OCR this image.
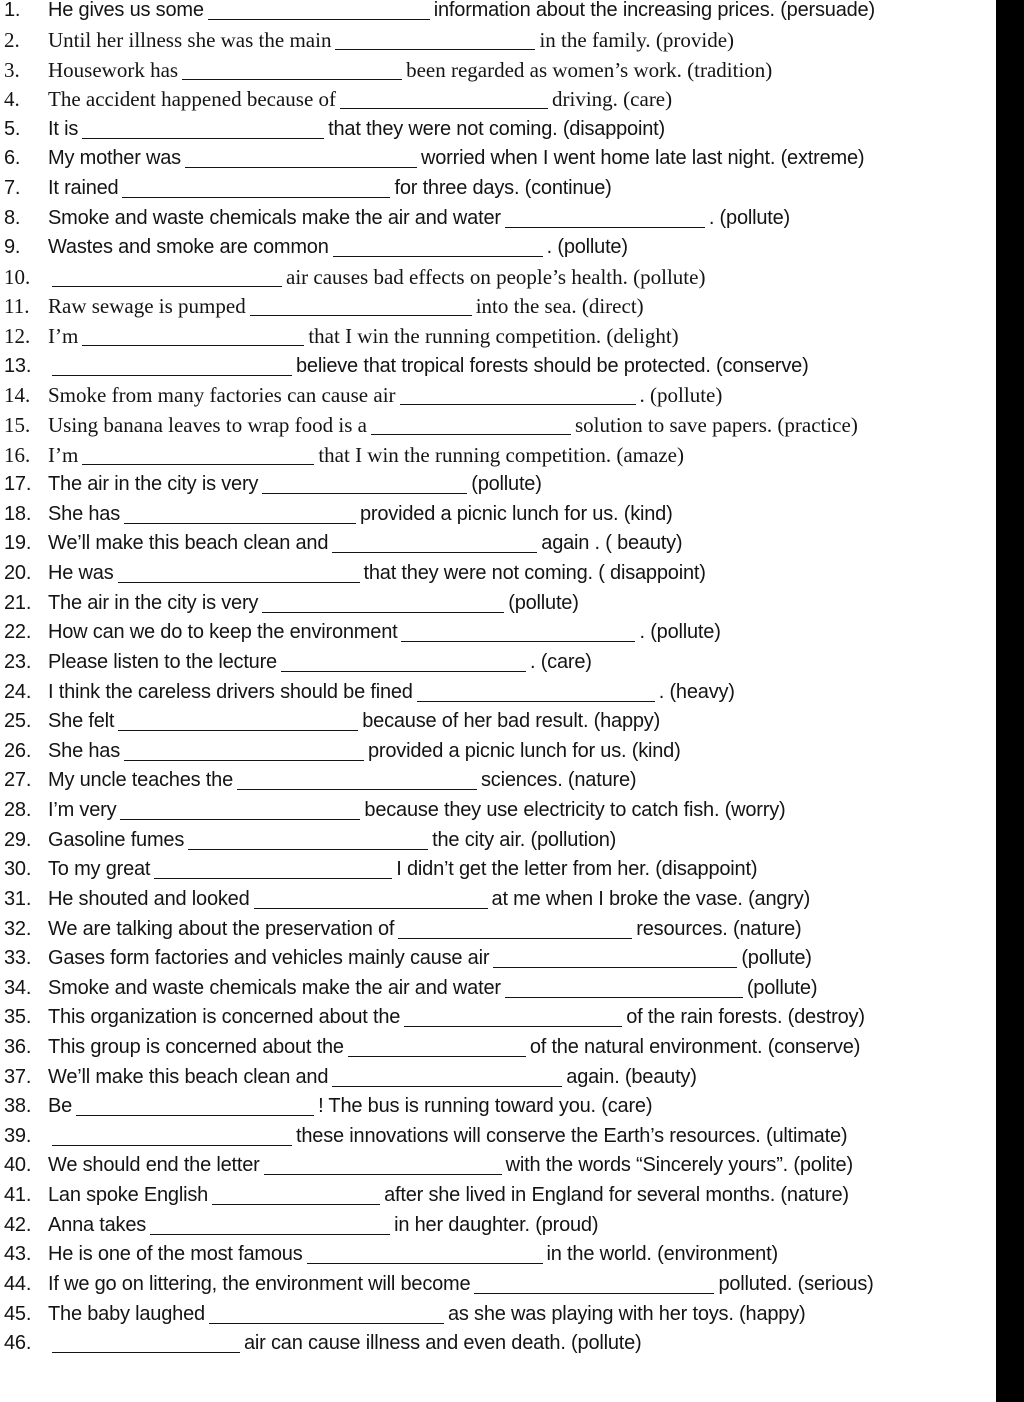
1.	He gives us some	information about the increasing prices. (persuade)
2.	Until her illness she was the main	in the family. (provide)
3.	Housework has	been regarded as women’s work. (tradition)
4.	The accident happened because of	driving. (care)
5.	It is	that they were not coming. (disappoint)
6.	My mother was	worried when I went home late last night. (extreme)
7.	It rained	for three days. (continue)
8.	Smoke and waste chemicals make the air and water	. (pollute)
9.	Wastes and smoke are common	. (pollute)
10.	air causes bad effects on people’s health. (pollute)
11. Raw sewage is pumped	into the sea. (direct)
12. I’m	that I win the running competition. (delight)
13.	believe that tropical forests should be protected. (conserve)
14. Smoke from many factories can cause air	. (pollute)
15. Using banana leaves to wrap food is a	solution to save papers. (practice)
16. I’m	that I win the running competition. (amaze)
17. The air in the city is very	(pollute)
18. She has	provided a picnic lunch for us. (kind)
19. We’ll make this beach clean and	again . ( beauty)
20. He was	that they were not coming. ( disappoint)
21. The air in the city is very	(pollute)
22. How can we do to keep the environment	. (pollute)
23. Please listen to the lecture	. (care)
24. I think the careless drivers should be fined	. (heavy)
25. She felt	because of her bad result. (happy)
26. She has	provided a picnic lunch for us. (kind)
27. My uncle teaches the	sciences. (nature)
28. I’m very	because they use electricity to catch fish. (worry)
29. Gasoline fumes	the city air. (pollution)
30. To my great	I didn’t get the letter from her. (disappoint)
31. He shouted and looked	at me when I broke the vase. (angry)
32. We are talking about the preservation of	resources. (nature)
33. Gases form factories and vehicles mainly cause air	(pollute)
34. Smoke and waste chemicals make the air and water	(pollute)
35. This organization is concerned about the	of the rain forests. (destroy)
36. This group is concerned about the	of the natural environment. (conserve)
37. We’ll make this beach clean and	again. (beauty)
38. Be	! The bus is running toward you. (care)
39.	these innovations will conserve the Earth’s resources. (ultimate)
40. We should end the letter	with the words “Sincerely yours”. (polite)
41. Lan spoke English	after she lived in England for several months. (nature)
42. Anna takes	in her daughter. (proud)
43. He is one of the most famous	in the world. (environment)
44. If we go on littering, the environment will become	polluted. (serious)
45. The baby laughed	as she was playing with her toys. (happy)
46.	air can cause illness and even death. (pollute)
